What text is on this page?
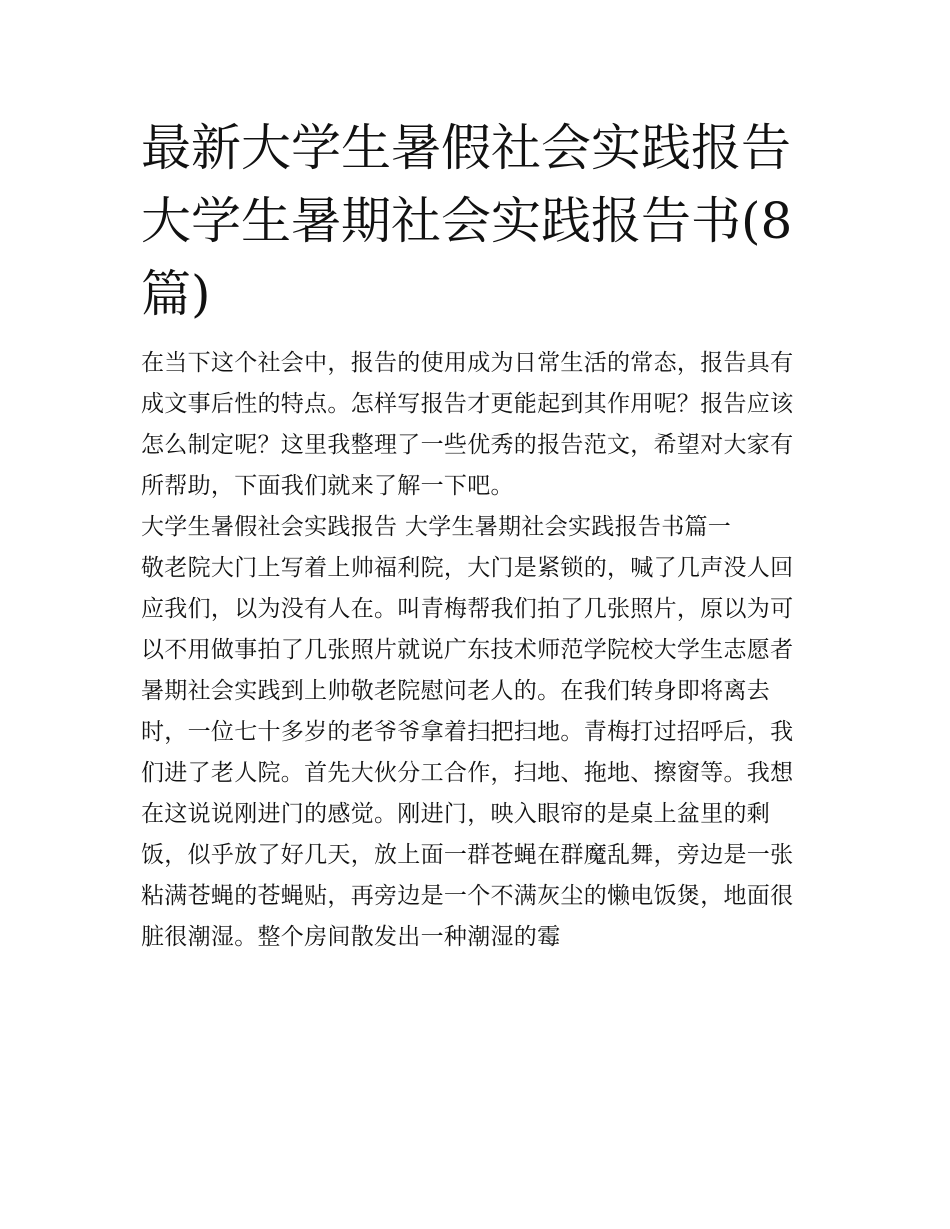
最新大学生暑假社会实践报告 大学生暑期社会实践报告书(8篇)

在当下这个社会中，报告的使用成为日常生活的常态，报告具有成文事后性的特点。怎样写报告才更能起到其作用呢？报告应该怎么制定呢？这里我整理了一些优秀的报告范文，希望对大家有所帮助，下面我们就来了解一下吧。

大学生暑假社会实践报告 大学生暑期社会实践报告书篇一

敬老院大门上写着上帅福利院，大门是紧锁的，喊了几声没人回应我们，以为没有人在。叫青梅帮我们拍了几张照片，原以为可以不用做事拍了几张照片就说广东技术师范学院校大学生志愿者暑期社会实践到上帅敬老院慰问老人的。在我们转身即将离去时，一位七十多岁的老爷爷拿着扫把扫地。青梅打过招呼后，我们进了老人院。首先大伙分工合作，扫地、拖地、擦窗等。我想在这说说刚进门的感觉。刚进门，映入眼帘的是桌上盆里的剩饭，似乎放了好几天，放上面一群苍蝇在群魔乱舞，旁边是一张粘满苍蝇的苍蝇贴，再旁边是一个不满灰尘的懒电饭煲，地面很脏很潮湿。整个房间散发出一种潮湿的霉
